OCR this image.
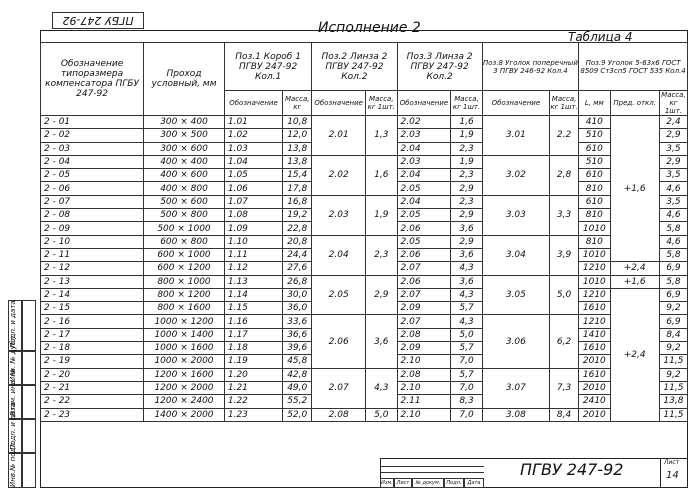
ПГБУ 247-92	Исполнение 2
Таблица 4
Обозначение типоразмера компенсатора ПГБУ 247-92	Проход условный, мм	Поз.1 Короб 1 ПГВУ 247-92 Кол.1		Поз.2 Линза 2 ПГВУ 247-92 Кол.2		Поз.3 Линза 2 ПГВУ 247-92 Кол.2		Поз.8 Уголок поперечный 3 ПГВУ 246-92 Кол.4		Поз.9 Уголок 5-63х6 ГОСТ 8509 Ст3сп5 ГОСТ 535 Кол.4		
		Обозначение	Масса, кг	Обозначение	Масса, кг 1шт.	Обозначение	Масса, кг 1шт.	Обозначение	Масса, кг 1шт.	L, мм	Пред. откл.	Масса, кг 1шт.
2 - 01	300 × 400	1.01	10,8	2.01	1,3	2.02	1,6	3.01	2.2	410	+1,6	2,4
2 - 02	300 × 500	1.02	12,0			2.03	1,9			510		2,9
2 - 03	300 × 600	1.03	13,8			2.04	2,3			610		3,5
2 - 04	400 × 400	1.04	13,8	2.02	1,6	2.03	1,9	3.02	2,8	510		2,9
2 - 05	400 × 600	1.05	15,4			2.04	2,3			610		3,5
2 - 06	400 × 800	1.06	17,8			2.05	2,9			810		4,6
2 - 07	500 × 600	1.07	16,8	2.03	1,9	2.04	2,3	3.03	3,3	610		3,5
2 - 08	500 × 800	1.08	19,2			2.05	2,9			810		4,6
2 - 09	500 × 1000	1.09	22,8			2.06	3,6			1010		5,8
2 - 10	600 × 800	1.10	20,8	2.04	2,3	2.05	2,9	3.04	3,9	810		4,6
2 - 11	600 × 1000	1.11	24,4			2.06	3,6			1010		5,8
2 - 12	600 × 1200	1.12	27,6			2.07	4,3			1210	+2,4	6,9
2 - 13	800 × 1000	1.13	26,8	2.05	2,9	2.06	3,6	3.05	5,0	1010	+1,6	5,8
2 - 14	800 × 1200	1.14	30,0			2.07	4,3			1210	+2,4	6,9
2 - 15	800 × 1600	1.15	36,0			2.09	5,7			1610		9,2
2 - 16	1000 × 1200	1.16	33,6	2.06	3,6	2.07	4,3	3.06	6,2	1210		6,9
2 - 17	1000 × 1400	1.17	36,6			2.08	5,0			1410		8,4
2 - 18	1000 × 1600	1.18	39,6			2.09	5,7			1610		9,2
2 - 19	1000 × 2000	1.19	45,8			2.10	7,0			2010		11,5
2 - 20	1200 × 1600	1.20	42,8	2.07	4,3	2.08	5,7	3.07	7,3	1610		9,2
2 - 21	1200 × 2000	1.21	49,0			2.10	7,0			2010		11,5
2 - 22	1200 × 2400	1.22	55,2			2.11	8,3			2410		13,8
2 - 23	1400 × 2000	1.23	52,0	2.08	5,0	2.10	7,0	3.08	8,4	2010		11,5
Изм. Лист	№ докум.	Подп.	Дата
ПГВУ 247-92	Лист
14
Инв.№ подл.
Подп. и дата
Взам. инв. №
Инв. № дубл.
Подп. и дата
